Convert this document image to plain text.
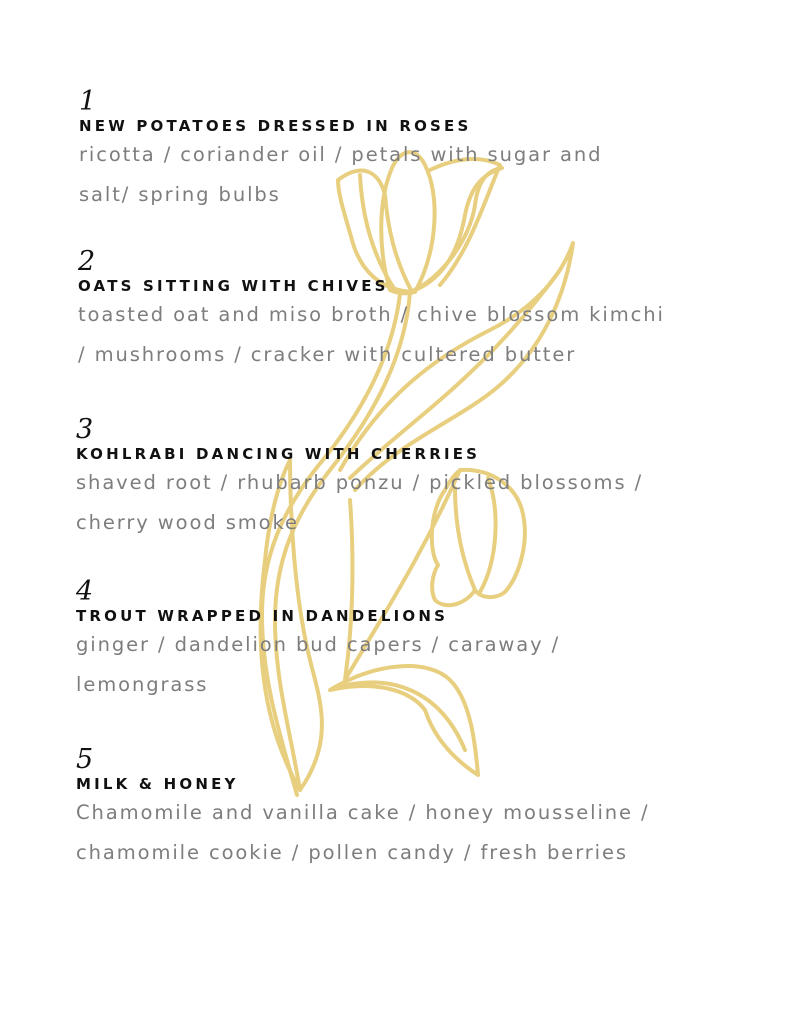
1
NEW POTATOES DRESSED IN ROSES
ricotta / coriander oil / petals with sugar and
salt/ spring bulbs
2
OATS SITTING WITH CHIVES
toasted oat and miso broth / chive blossom kimchi
/ mushrooms / cracker with cultered butter
3
KOHLRABI DANCING WITH CHERRIES
shaved root / rhubarb ponzu / pickled blossoms /
cherry wood smoke
4
TROUT WRAPPED IN DANDELIONS
ginger / dandelion bud capers / caraway /
lemongrass
5
MILK & HONEY
Chamomile and vanilla cake / honey mousseline /
chamomile cookie / pollen candy / fresh berries
